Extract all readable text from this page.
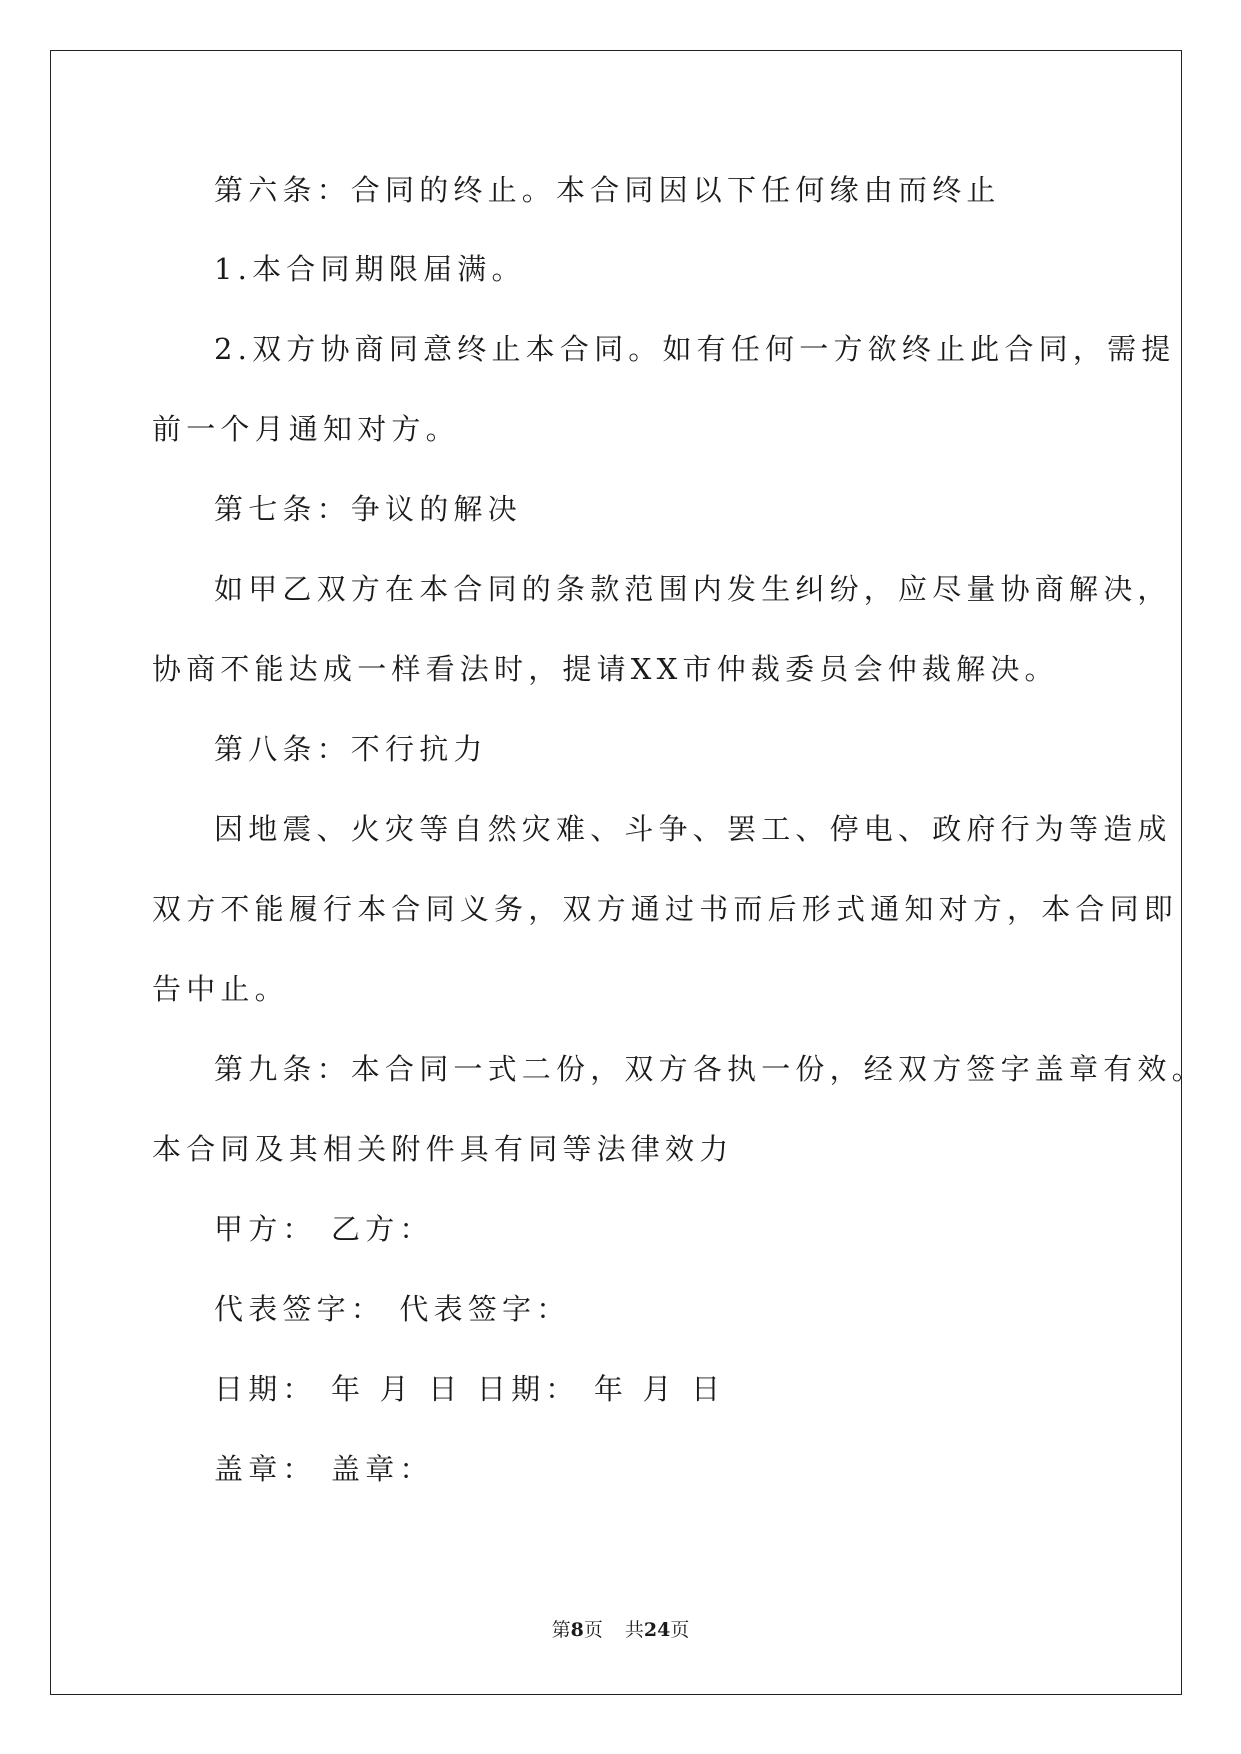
第六条：合同的终止。本合同因以下任何缘由而终止
1.本合同期限届满。
2.双方协商同意终止本合同。如有任何一方欲终止此合同，需提
前一个月通知对方。
第七条：争议的解决
如甲乙双方在本合同的条款范围内发生纠纷，应尽量协商解决，
协商不能达成一样看法时，提请XX市仲裁委员会仲裁解决。
第八条：不行抗力
因地震、火灾等自然灾难、斗争、罢工、停电、政府行为等造成
双方不能履行本合同义务，双方通过书而后形式通知对方，本合同即
告中止。
第九条：本合同一式二份，双方各执一份，经双方签字盖章有效。
本合同及其相关附件具有同等法律效力
甲方： 乙方：
代表签字： 代表签字：
日期： 年 月 日 日期： 年 月 日
盖章： 盖章：
第8页 共24页
